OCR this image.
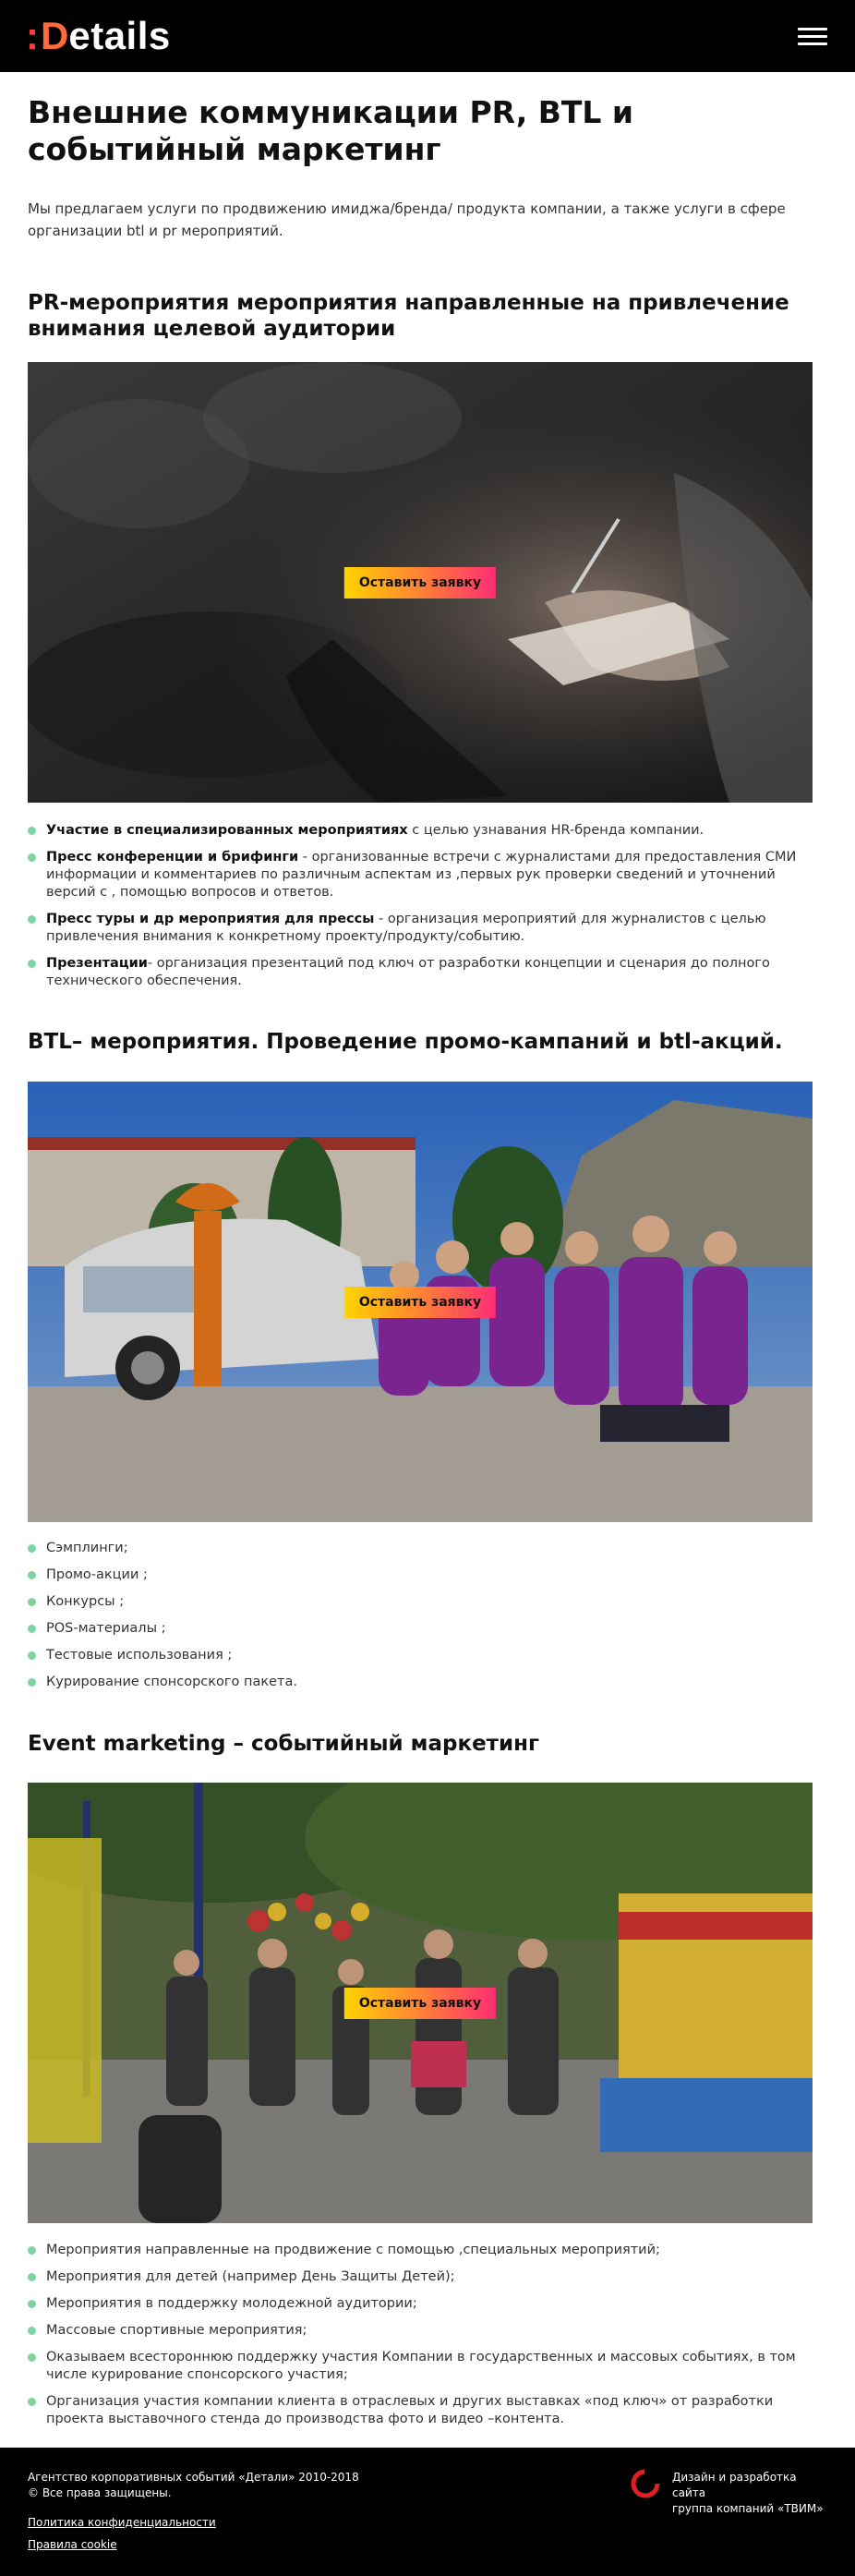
: D etails
Внешние коммуникации PR, BTL и событийный маркетинг

Мы предлагаем услуги по продвижению имиджа/бренда/ продукта компании, а также услуги в сфере организации btl и pr мероприятий.

PR-мероприятия мероприятия направленные на привлечение внимания целевой аудитории
Оставить заявку
Участие в специализированных мероприятиях с целью узнавания HR-бренда компании.
Пресс конференции и брифинги - организованные встречи с журналистами для предоставления СМИ информации и комментариев по различным аспектам из ,первых рук проверки сведений и уточнений версий с , помощью вопросов и ответов.
Пресс туры и др мероприятия для прессы - организация мероприятий для журналистов с целью привлечения внимания к конкретному проекту/продукту/событию.
Презентации- организация презентаций под ключ от разработки концепции и сценария до полного технического обеспечения.
BTL– мероприятия. Проведение промо-кампаний и btl-акций.
Оставить заявку
Сэмплинги;
Промо-акции ;
Конкурсы ;
POS-материалы ;
Тестовые использования ;
Курирование спонсорского пакета.
Event marketing – событийный маркетинг
Оставить заявку
Мероприятия направленные на продвижение с помощью ,специальных мероприятий;
Мероприятия для детей (например День Защиты Детей);
Мероприятия в поддержку молодежной аудитории;
Массовые спортивные мероприятия;
Оказываем всестороннюю поддержку участия Компании в государственных и массовых событиях, в том числе курирование спонсорского участия;
Организация участия компании клиента в отраслевых и других выставках «под ключ» от разработки проекта выставочного стенда до производства фото и видео –контента.
Агентство корпоративных событий «Детали» 2010-2018
© Все права защищены.
Политика конфиденциальности
Правила cookie
Дизайн и разработка сайта
группа компаний «ТВИМ»
